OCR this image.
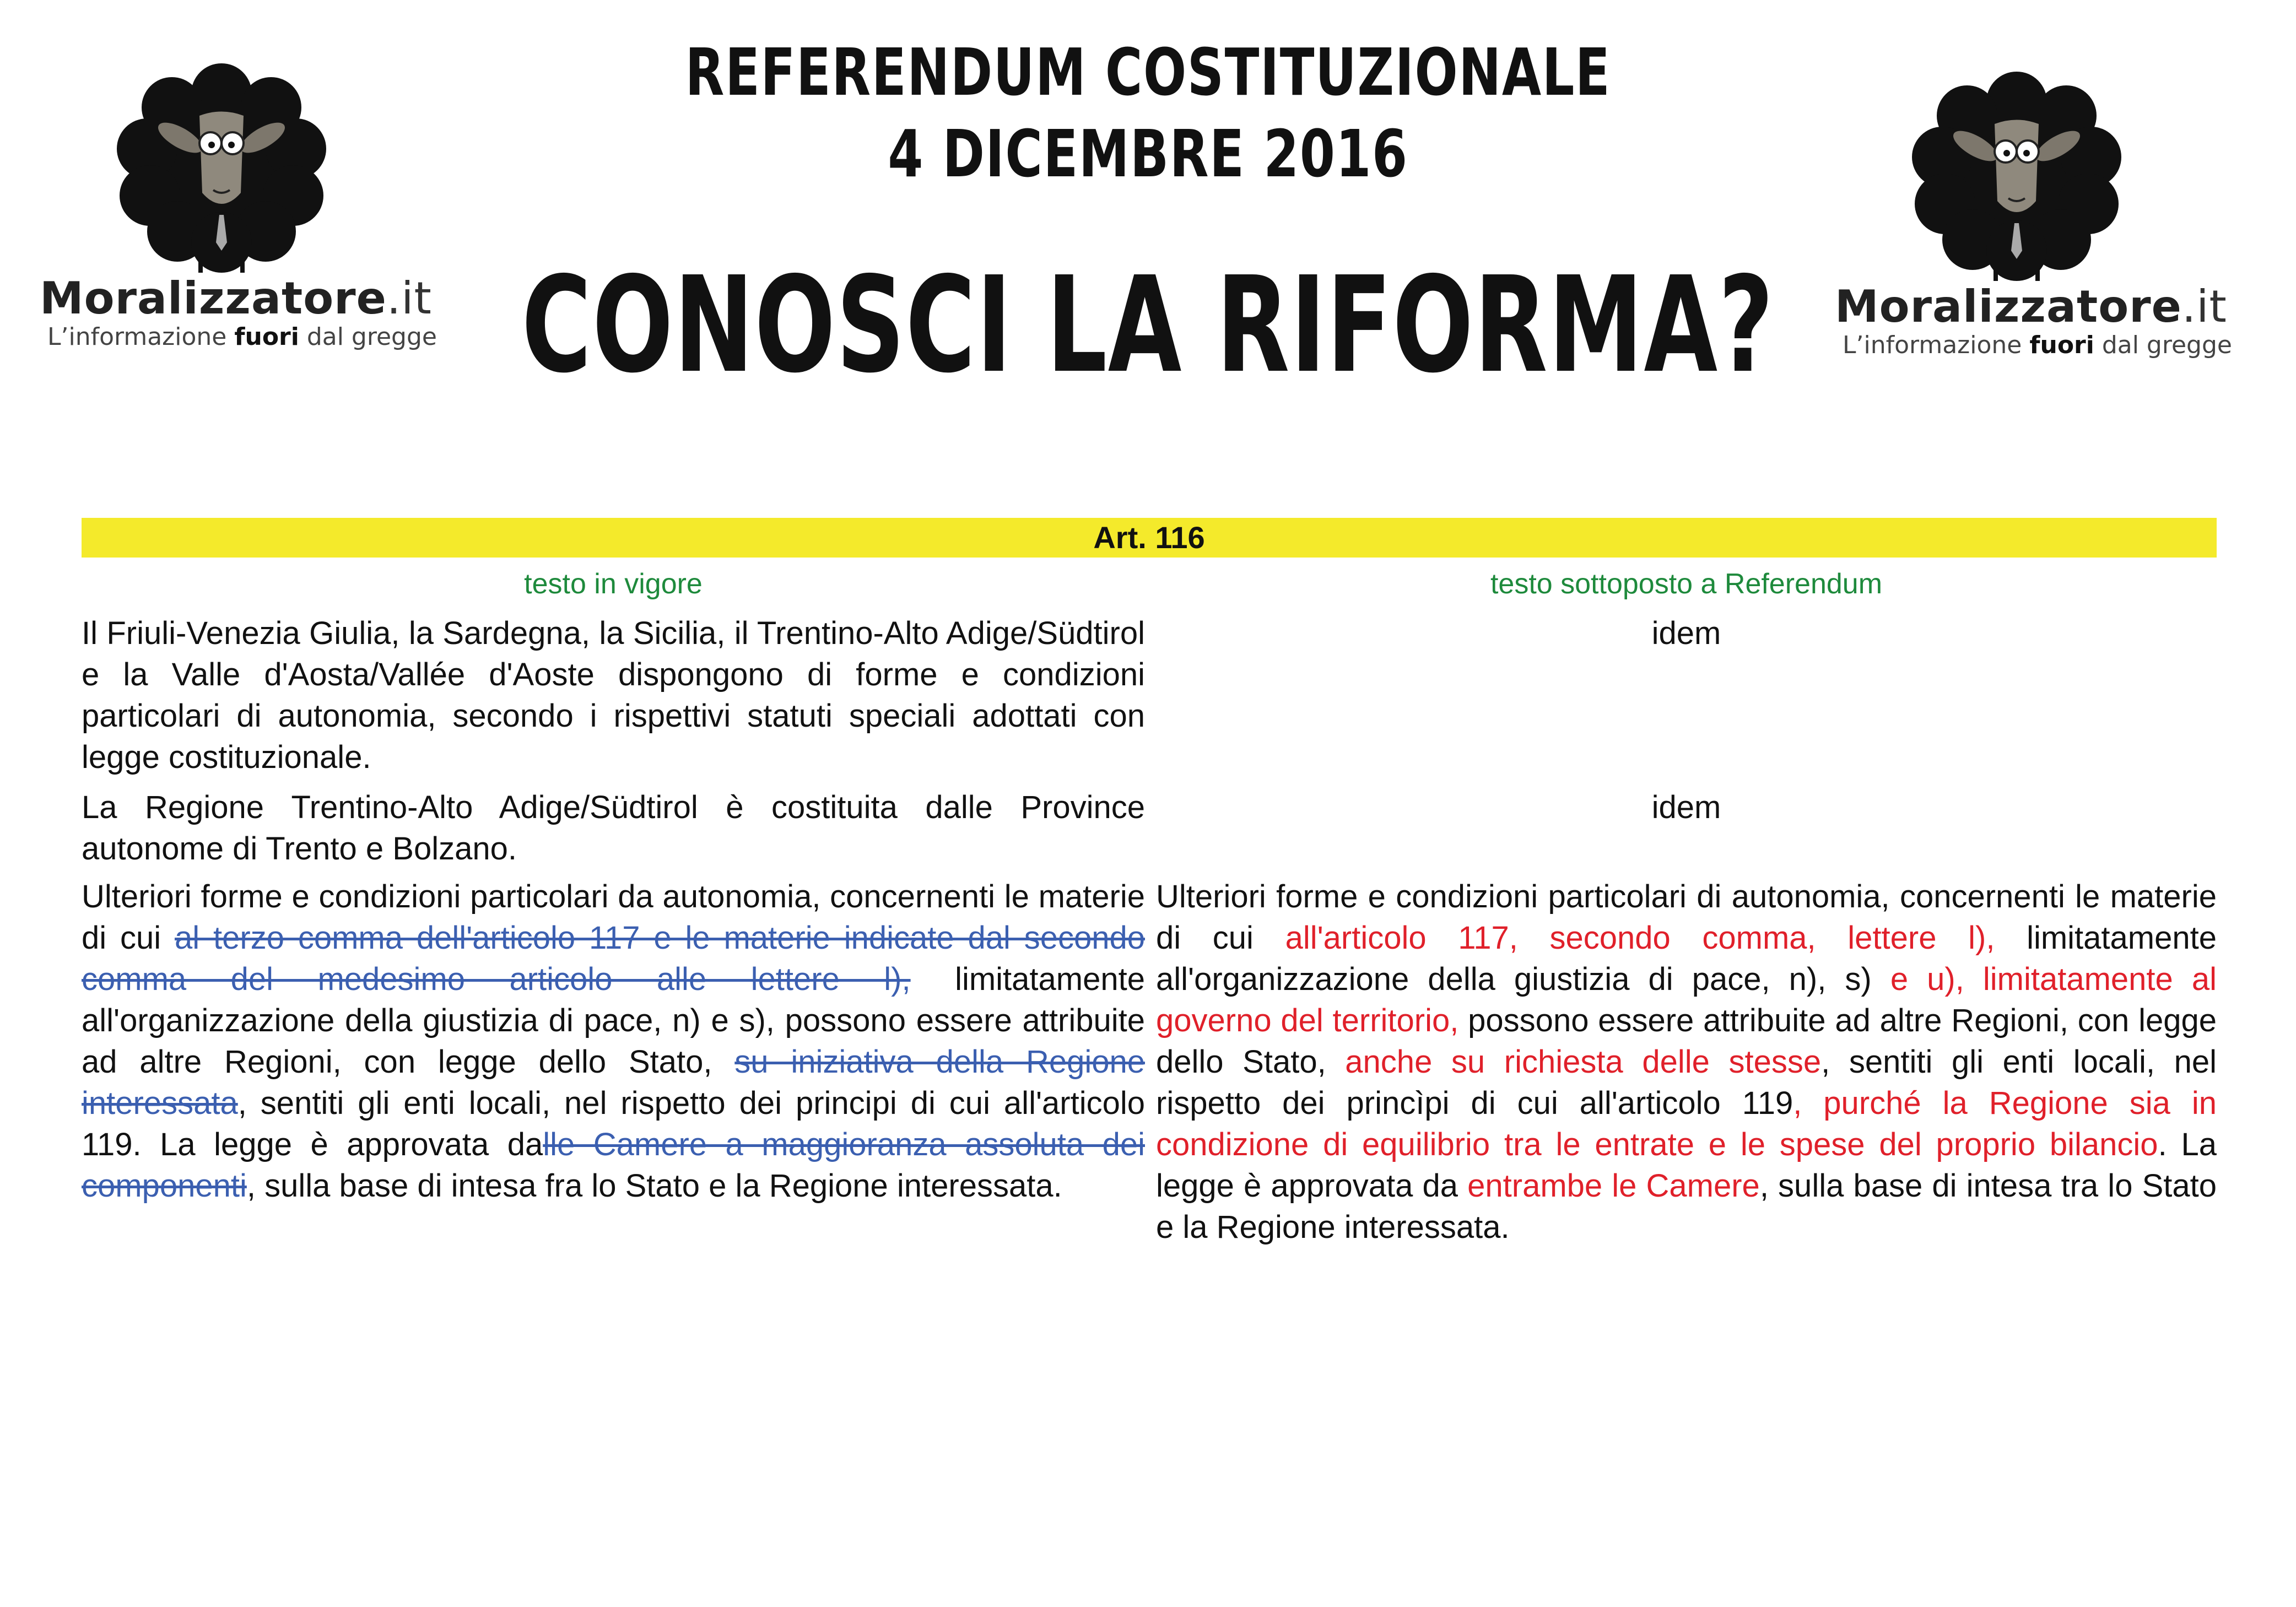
REFERENDUM COSTITUZIONALE
4 DICEMBRE 2016
CONOSCI LA RIFORMA?
Moralizzatore.it
L’informazione fuori dal gregge
Moralizzatore.it
L’informazione fuori dal gregge
Art. 116
testo in vigore	testo sottoposto a Referendum
Il Friuli-Venezia Giulia, la Sardegna, la Sicilia, il Trentino-Alto Adige/Südtirol e la Valle d'Aosta/Vallée d'Aoste dispongono di forme e condizioni particolari di autonomia, secondo i rispettivi statuti speciali adottati con legge costituzionale.
idem
La Regione Trentino-Alto Adige/Südtirol è costituita dalle Province autonome di Trento e Bolzano.
idem
Ulteriori forme e condizioni particolari da autonomia, concernenti le materie di cui al terzo comma dell'articolo 117 e le materie indicate dal secondo comma del medesimo articolo alle lettere l), limitatamente all'organizzazione della giustizia di pace, n) e s), possono essere attribuite ad altre Regioni, con legge dello Stato, su iniziativa della Regione interessata, sentiti gli enti locali, nel rispetto dei principi di cui all'articolo 119. La legge è approvata dalle Camere a maggioranza assoluta dei componenti, sulla base di intesa fra lo Stato e la Regione interessata.
Ulteriori forme e condizioni particolari di autonomia, concernenti le materie di cui all'articolo 117, secondo comma, lettere l), limitatamente all'organizzazione della giustizia di pace, n), s) e u), limitatamente al governo del territorio, possono essere attribuite ad altre Regioni, con legge dello Stato, anche su richiesta delle stesse, sentiti gli enti locali, nel rispetto dei princìpi di cui all'articolo 119, purché la Regione sia in condizione di equilibrio tra le entrate e le spese del proprio bilancio. La legge è approvata da entrambe le Camere, sulla base di intesa tra lo Stato e la Regione interessata.
